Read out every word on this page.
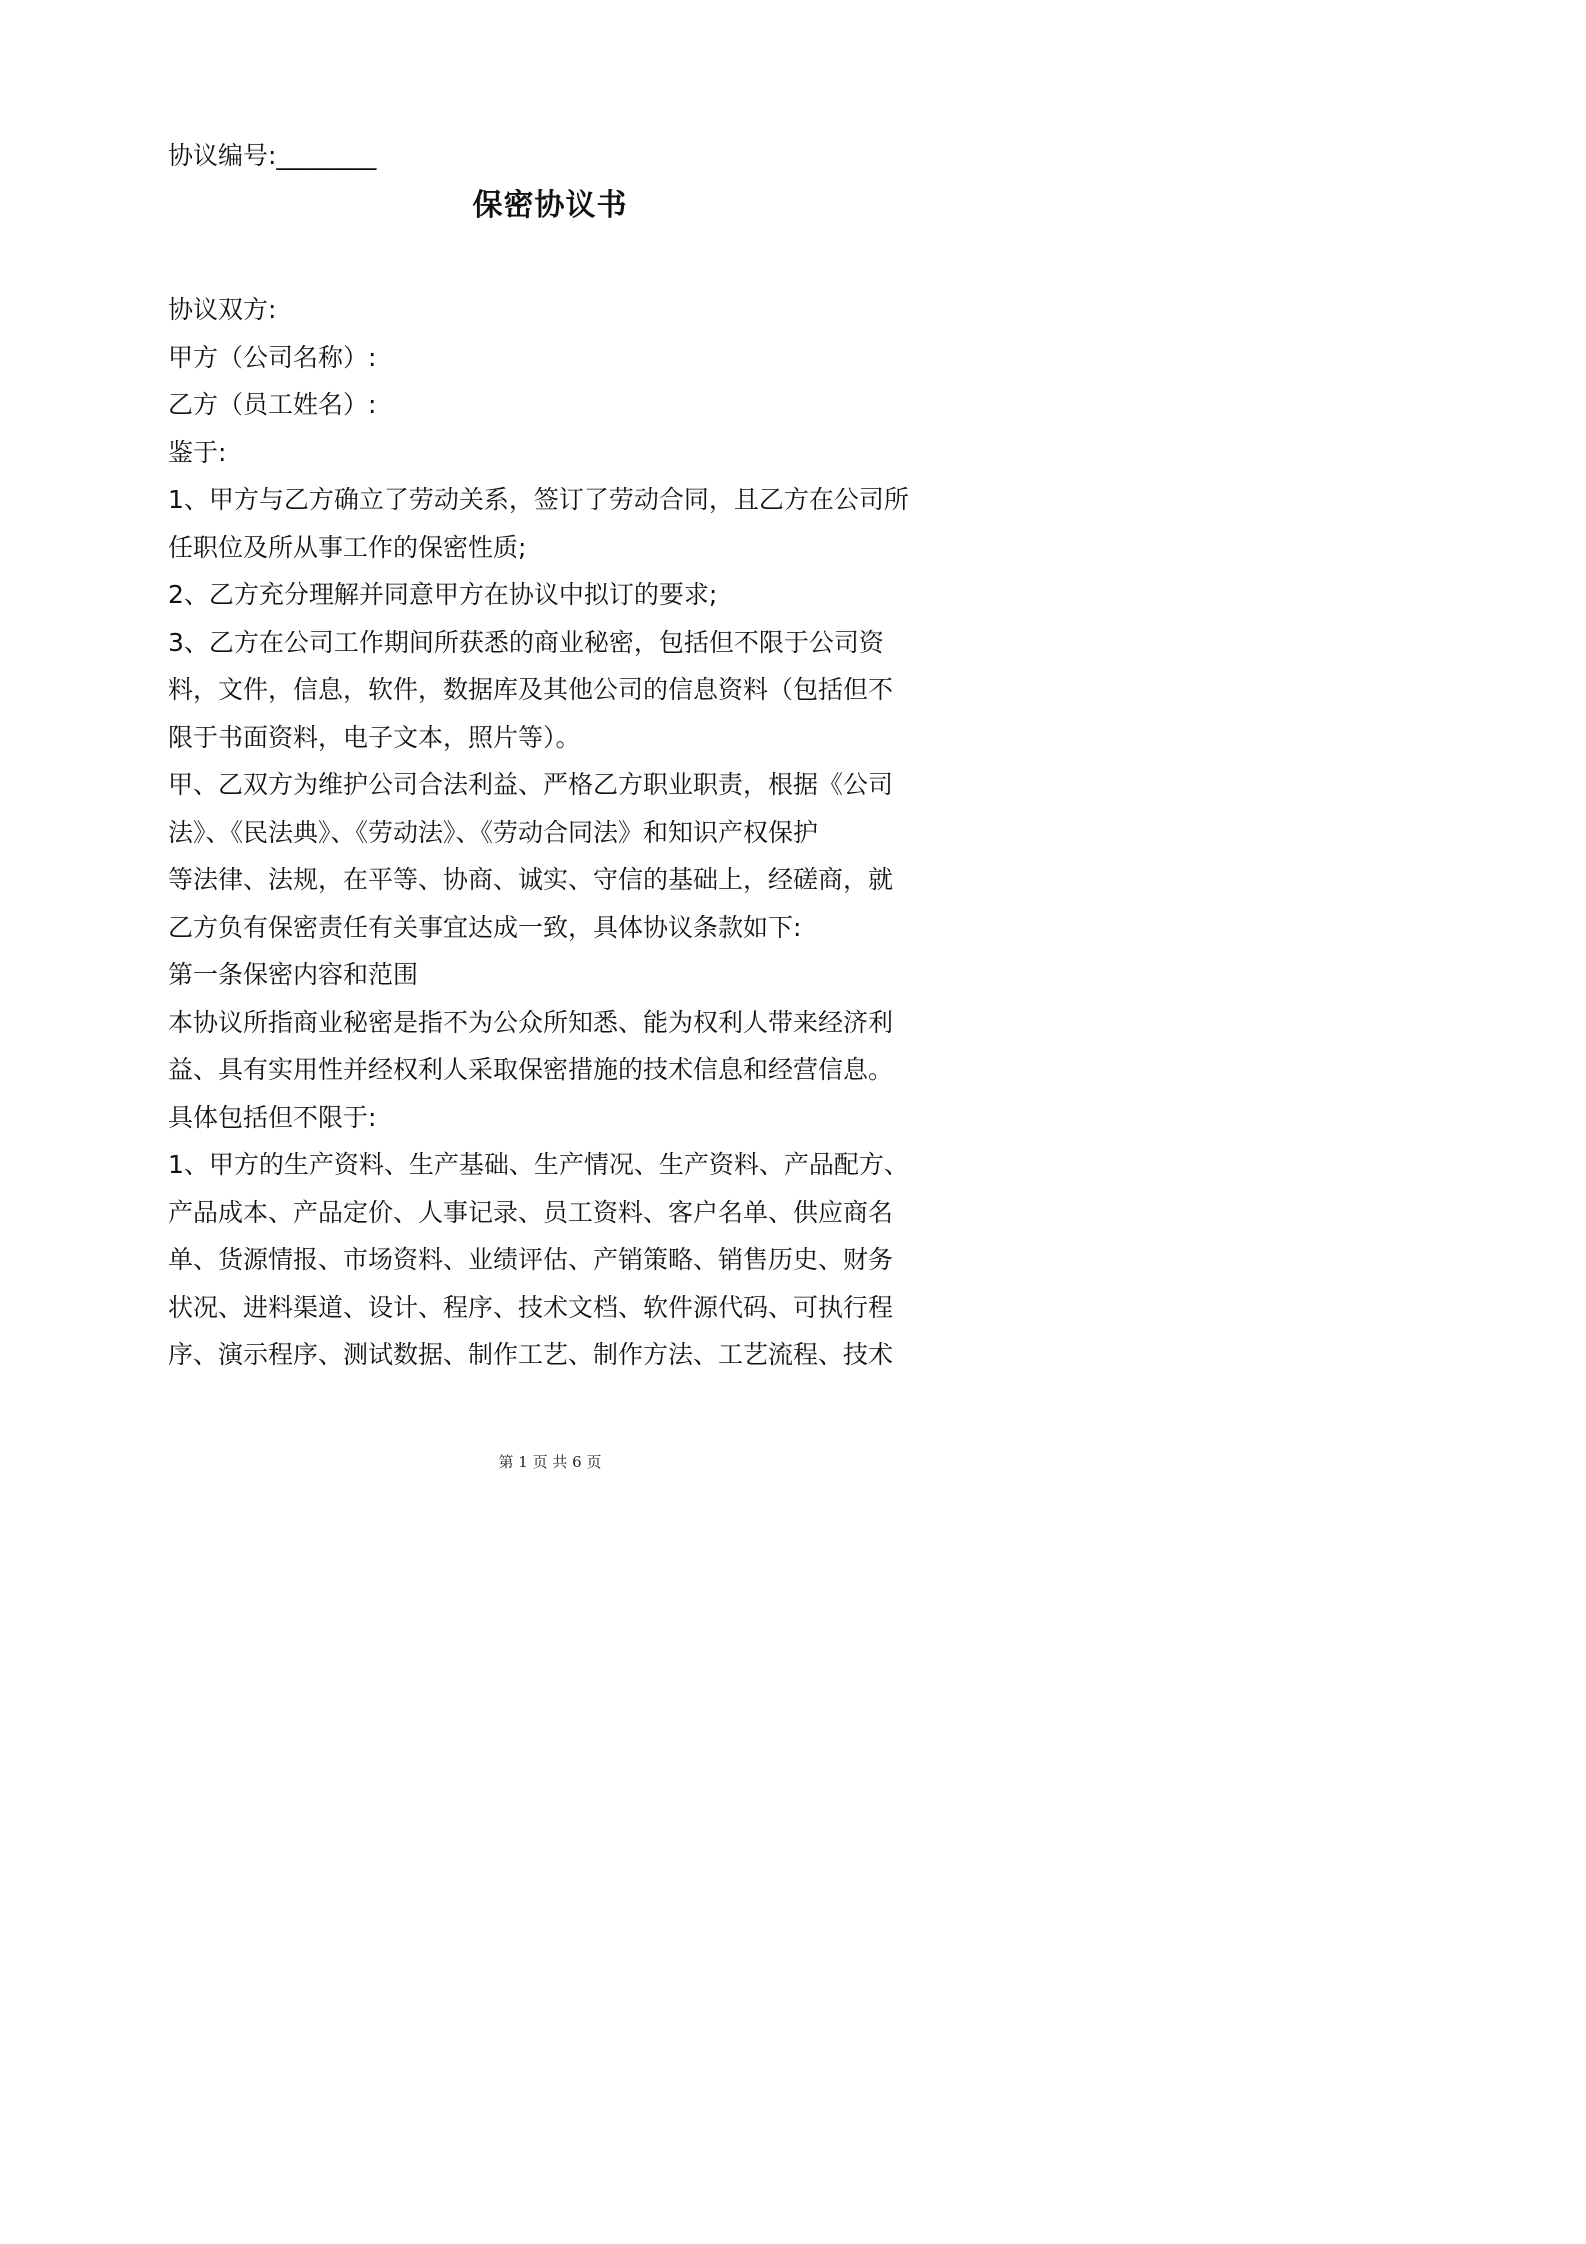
协议编号:________
保密协议书
协议双方:
甲方（公司名称）:
乙方（员工姓名）:
鉴于:
1、甲方与乙方确立了劳动关系，签订了劳动合同，且乙方在公司所
任职位及所从事工作的保密性质;
2、乙方充分理解并同意甲方在协议中拟订的要求;
3、乙方在公司工作期间所获悉的商业秘密，包括但不限于公司资
料，文件，信息，软件，数据库及其他公司的信息资料（包括但不
限于书面资料，电子文本，照片等）。
甲、乙双方为维护公司合法利益、严格乙方职业职责，根据《公司
法》、《民法典》、《劳动法》、《劳动合同法》和知识产权保护
等法律、法规，在平等、协商、诚实、守信的基础上，经磋商，就
乙方负有保密责任有关事宜达成一致，具体协议条款如下:
第一条保密内容和范围
本协议所指商业秘密是指不为公众所知悉、能为权利人带来经济利
益、具有实用性并经权利人采取保密措施的技术信息和经营信息。
具体包括但不限于:
1、甲方的生产资料、生产基础、生产情况、生产资料、产品配方、
产品成本、产品定价、人事记录、员工资料、客户名单、供应商名
单、货源情报、市场资料、业绩评估、产销策略、销售历史、财务
状况、进料渠道、设计、程序、技术文档、软件源代码、可执行程
序、演示程序、测试数据、制作工艺、制作方法、工艺流程、技术
第 1 页 共 6 页
